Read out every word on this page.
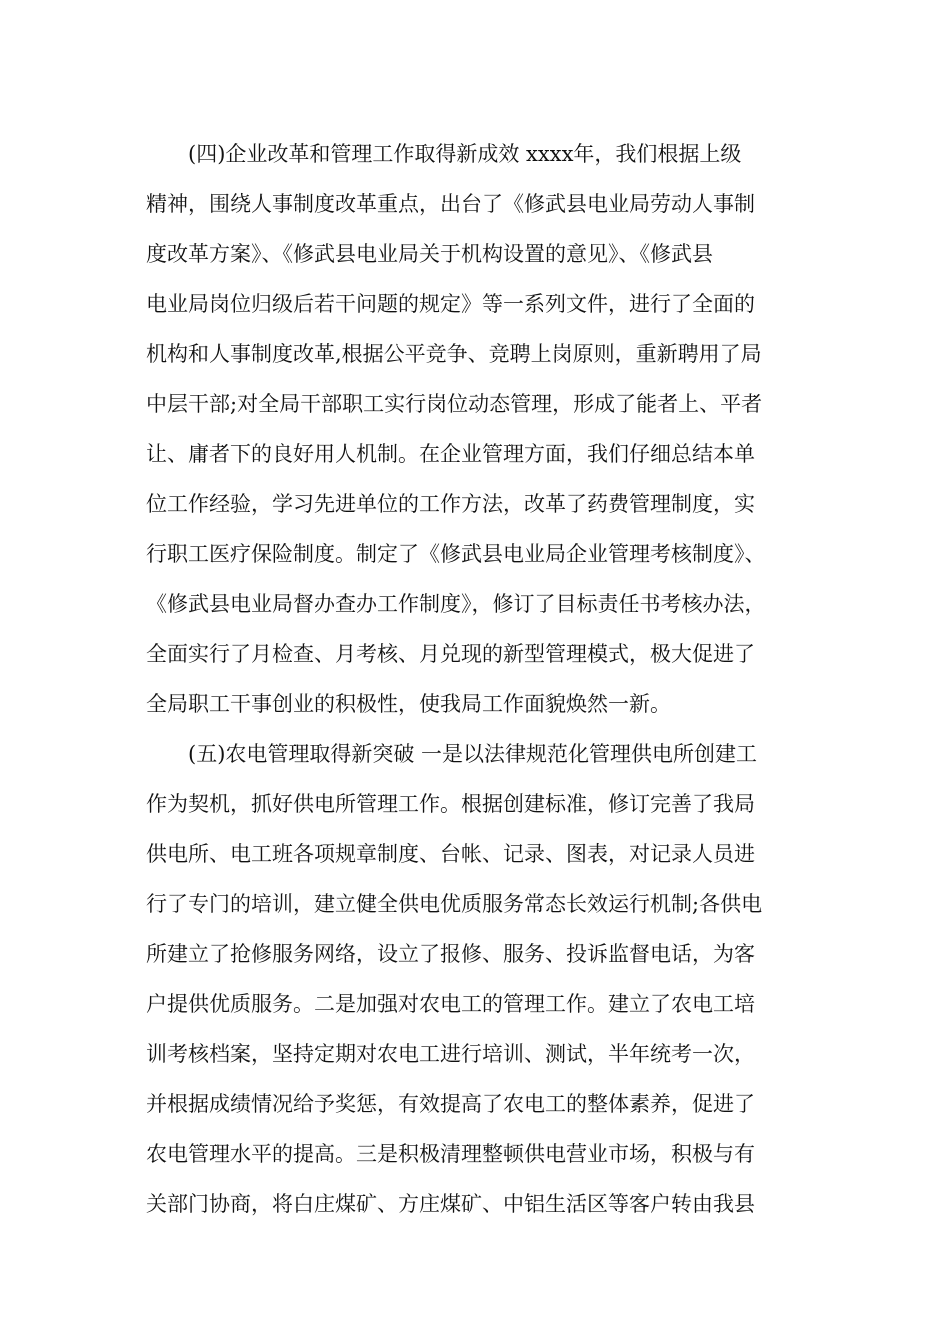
(四)企业改革和管理工作取得新成效 xxxx年，我们根据上级
精神，围绕人事制度改革重点，出台了《修武县电业局劳动人事制
度改革方案》、《修武县电业局关于机构设置的意见》、《修武县
电业局岗位归级后若干问题的规定》等一系列文件，进行了全面的
机构和人事制度改革,根据公平竞争、竞聘上岗原则，重新聘用了局
中层干部;对全局干部职工实行岗位动态管理，形成了能者上、平者
让、庸者下的良好用人机制。在企业管理方面，我们仔细总结本单
位工作经验，学习先进单位的工作方法，改革了药费管理制度，实
行职工医疗保险制度。制定了《修武县电业局企业管理考核制度》、
《修武县电业局督办查办工作制度》，修订了目标责任书考核办法，
全面实行了月检查、月考核、月兑现的新型管理模式，极大促进了
全局职工干事创业的积极性，使我局工作面貌焕然一新。
(五)农电管理取得新突破 一是以法律规范化管理供电所创建工
作为契机，抓好供电所管理工作。根据创建标准，修订完善了我局
供电所、电工班各项规章制度、台帐、记录、图表，对记录人员进
行了专门的培训，建立健全供电优质服务常态长效运行机制;各供电
所建立了抢修服务网络，设立了报修、服务、投诉监督电话，为客
户提供优质服务。二是加强对农电工的管理工作。建立了农电工培
训考核档案，坚持定期对农电工进行培训、测试，半年统考一次，
并根据成绩情况给予奖惩，有效提高了农电工的整体素养，促进了
农电管理水平的提高。三是积极清理整顿供电营业市场，积极与有
关部门协商，将白庄煤矿、方庄煤矿、中铝生活区等客户转由我县
